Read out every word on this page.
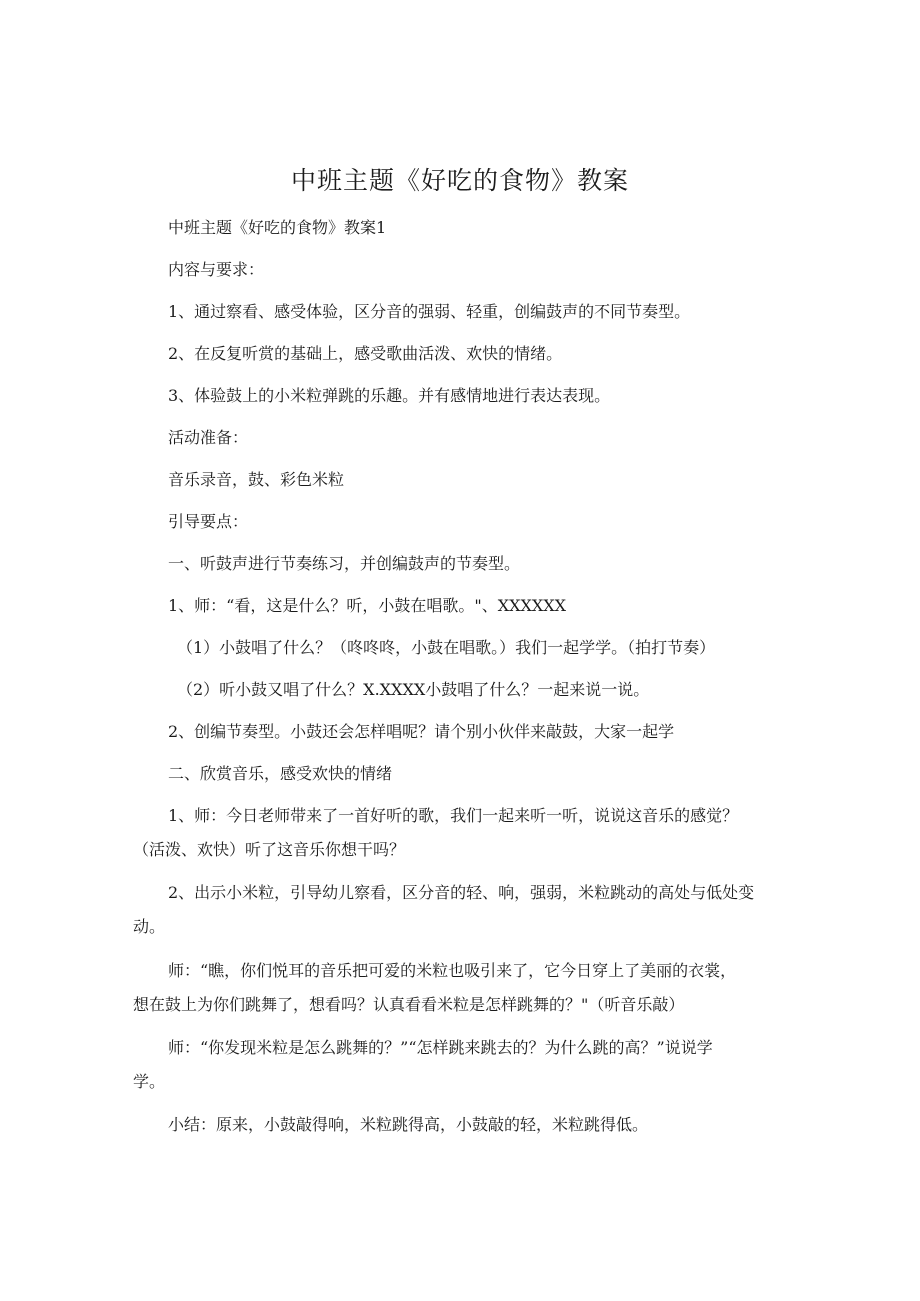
中班主题《好吃的食物》教案
中班主题《好吃的食物》教案1
内容与要求：
1、通过察看、感受体验，区分音的强弱、轻重，创编鼓声的不同节奏型。
2、在反复听赏的基础上，感受歌曲活泼、欢快的情绪。
3、体验鼓上的小米粒弹跳的乐趣。并有感情地进行表达表现。
活动准备：
音乐录音，鼓、彩色米粒
引导要点：
一、听鼓声进行节奏练习，并创编鼓声的节奏型。
1、师：“看，这是什么？听，小鼓在唱歌。"、XXXXXX
（1）小鼓唱了什么？（咚咚咚，小鼓在唱歌。）我们一起学学。（拍打节奏）
（2）听小鼓又唱了什么？X.XXXX小鼓唱了什么？一起来说一说。
2、创编节奏型。小鼓还会怎样唱呢？请个别小伙伴来敲鼓，大家一起学
二、欣赏音乐，感受欢快的情绪
1、师：今日老师带来了一首好听的歌，我们一起来听一听，说说这音乐的感觉？
（活泼、欢快）听了这音乐你想干吗？
2、出示小米粒，引导幼儿察看，区分音的轻、响，强弱，米粒跳动的高处与低处变
动。
师：“瞧，你们悦耳的音乐把可爱的米粒也吸引来了，它今日穿上了美丽的衣裳，
想在鼓上为你们跳舞了，想看吗？认真看看米粒是怎样跳舞的？"（听音乐敲）
师：“你发现米粒是怎么跳舞的？”“怎样跳来跳去的？为什么跳的高？”说说学
学。
小结：原来，小鼓敲得响，米粒跳得高，小鼓敲的轻，米粒跳得低。
